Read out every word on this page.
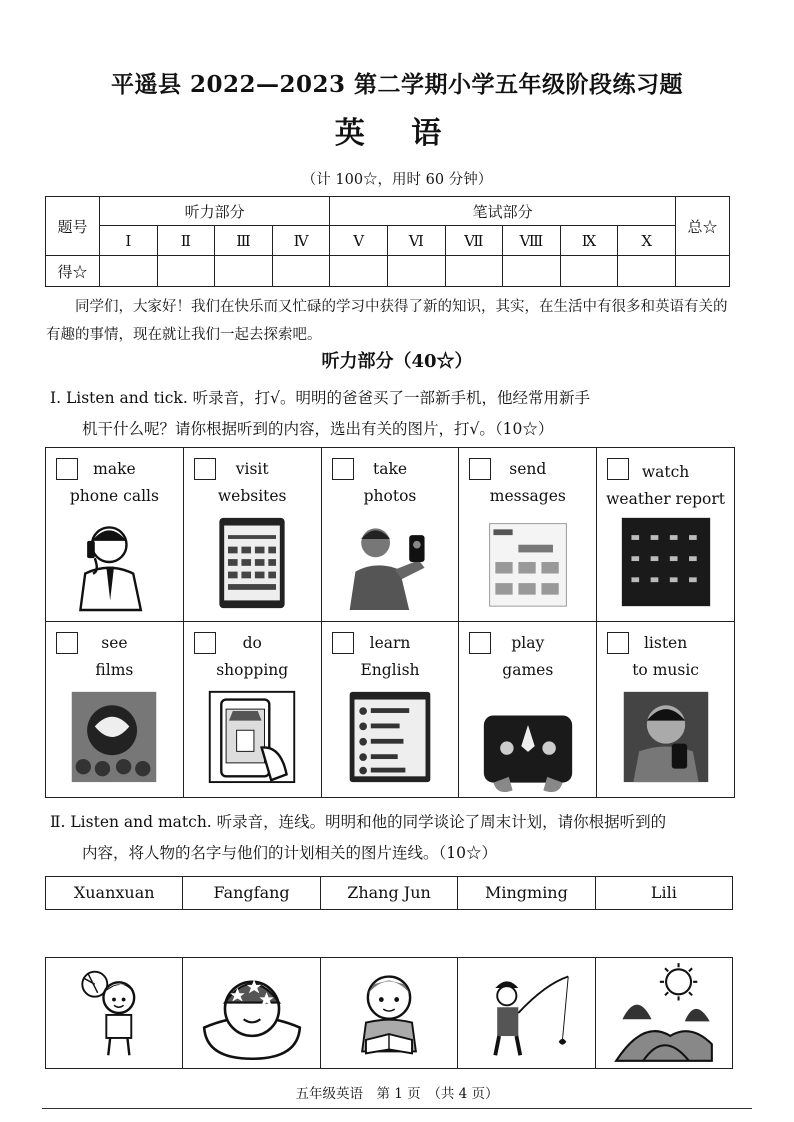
平遥县 2022—2023 第二学期小学五年级阶段练习题
英 语
（计 100☆，用时 60 分钟）
题号	听力部分				笔试部分						总☆
	Ⅰ	Ⅱ	Ⅲ	Ⅳ	Ⅴ	Ⅵ	Ⅶ	Ⅷ	Ⅸ	Ⅹ	
得☆											
同学们，大家好！我们在快乐而又忙碌的学习中获得了新的知识，其实，在生活中有很多和英语有关的有趣的事情，现在就让我们一起去探索吧。
听力部分（40☆）
Ⅰ. Listen and tick. 听录音，打√。明明的爸爸买了一部新手机，他经常用新手
机干什么呢？请你根据听到的内容，选出有关的图片，打√。（10☆）
make
phone calls	visit
websites	take
photos	send
messages	watch
weather report

see
films	do
shopping	learn
English	play
games	listen
to music
Ⅱ. Listen and match. 听录音，连线。明明和他的同学谈论了周末计划，请你根据听到的
内容，将人物的名字与他们的计划相关的图片连线。（10☆）
Xuanxuan	Fangfang	Zhang Jun	Mingming	Lili
五年级英语　第 1 页　（共 4 页）
